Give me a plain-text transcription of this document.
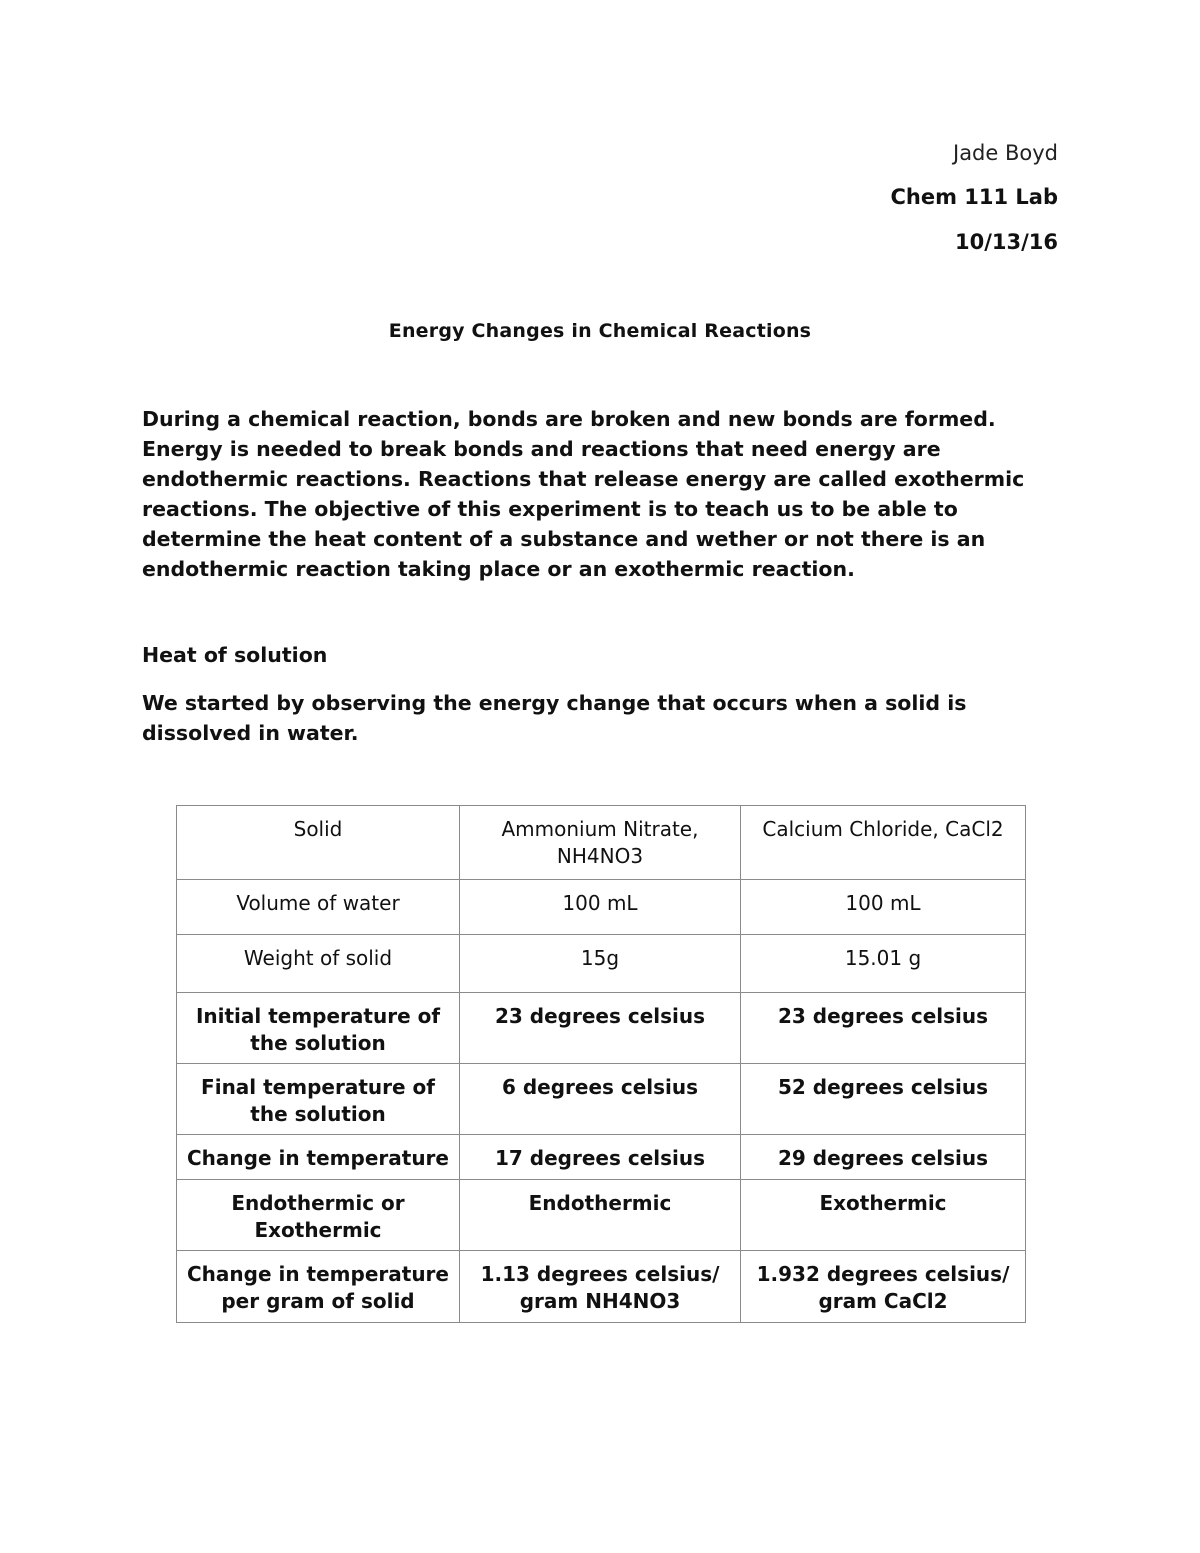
Jade Boyd
Chem 111 Lab
10/13/16
Energy Changes in Chemical Reactions

During a chemical reaction, bonds are broken and new bonds are formed. Energy is needed to break bonds and reactions that need energy are endothermic reactions. Reactions that release energy are called exothermic reactions. The objective of this experiment is to teach us to be able to determine the heat content of a substance and wether or not there is an endothermic reaction taking place or an exothermic reaction.

Heat of solution

We started by observing the energy change that occurs when a solid is dissolved in water.

Solid	Ammonium Nitrate, NH4NO3	Calcium Chloride, CaCl2
Volume of water	100 mL	100 mL
Weight of solid	15g	15.01 g
Initial temperature of the solution	23 degrees celsius	23 degrees celsius
Final temperature of the solution	6 degrees celsius	52 degrees celsius
Change in temperature	17 degrees celsius	29 degrees celsius
Endothermic or Exothermic	Endothermic	Exothermic
Change in temperature per gram of solid	1.13 degrees celsius/ gram NH4NO3	1.932 degrees celsius/ gram CaCl2
